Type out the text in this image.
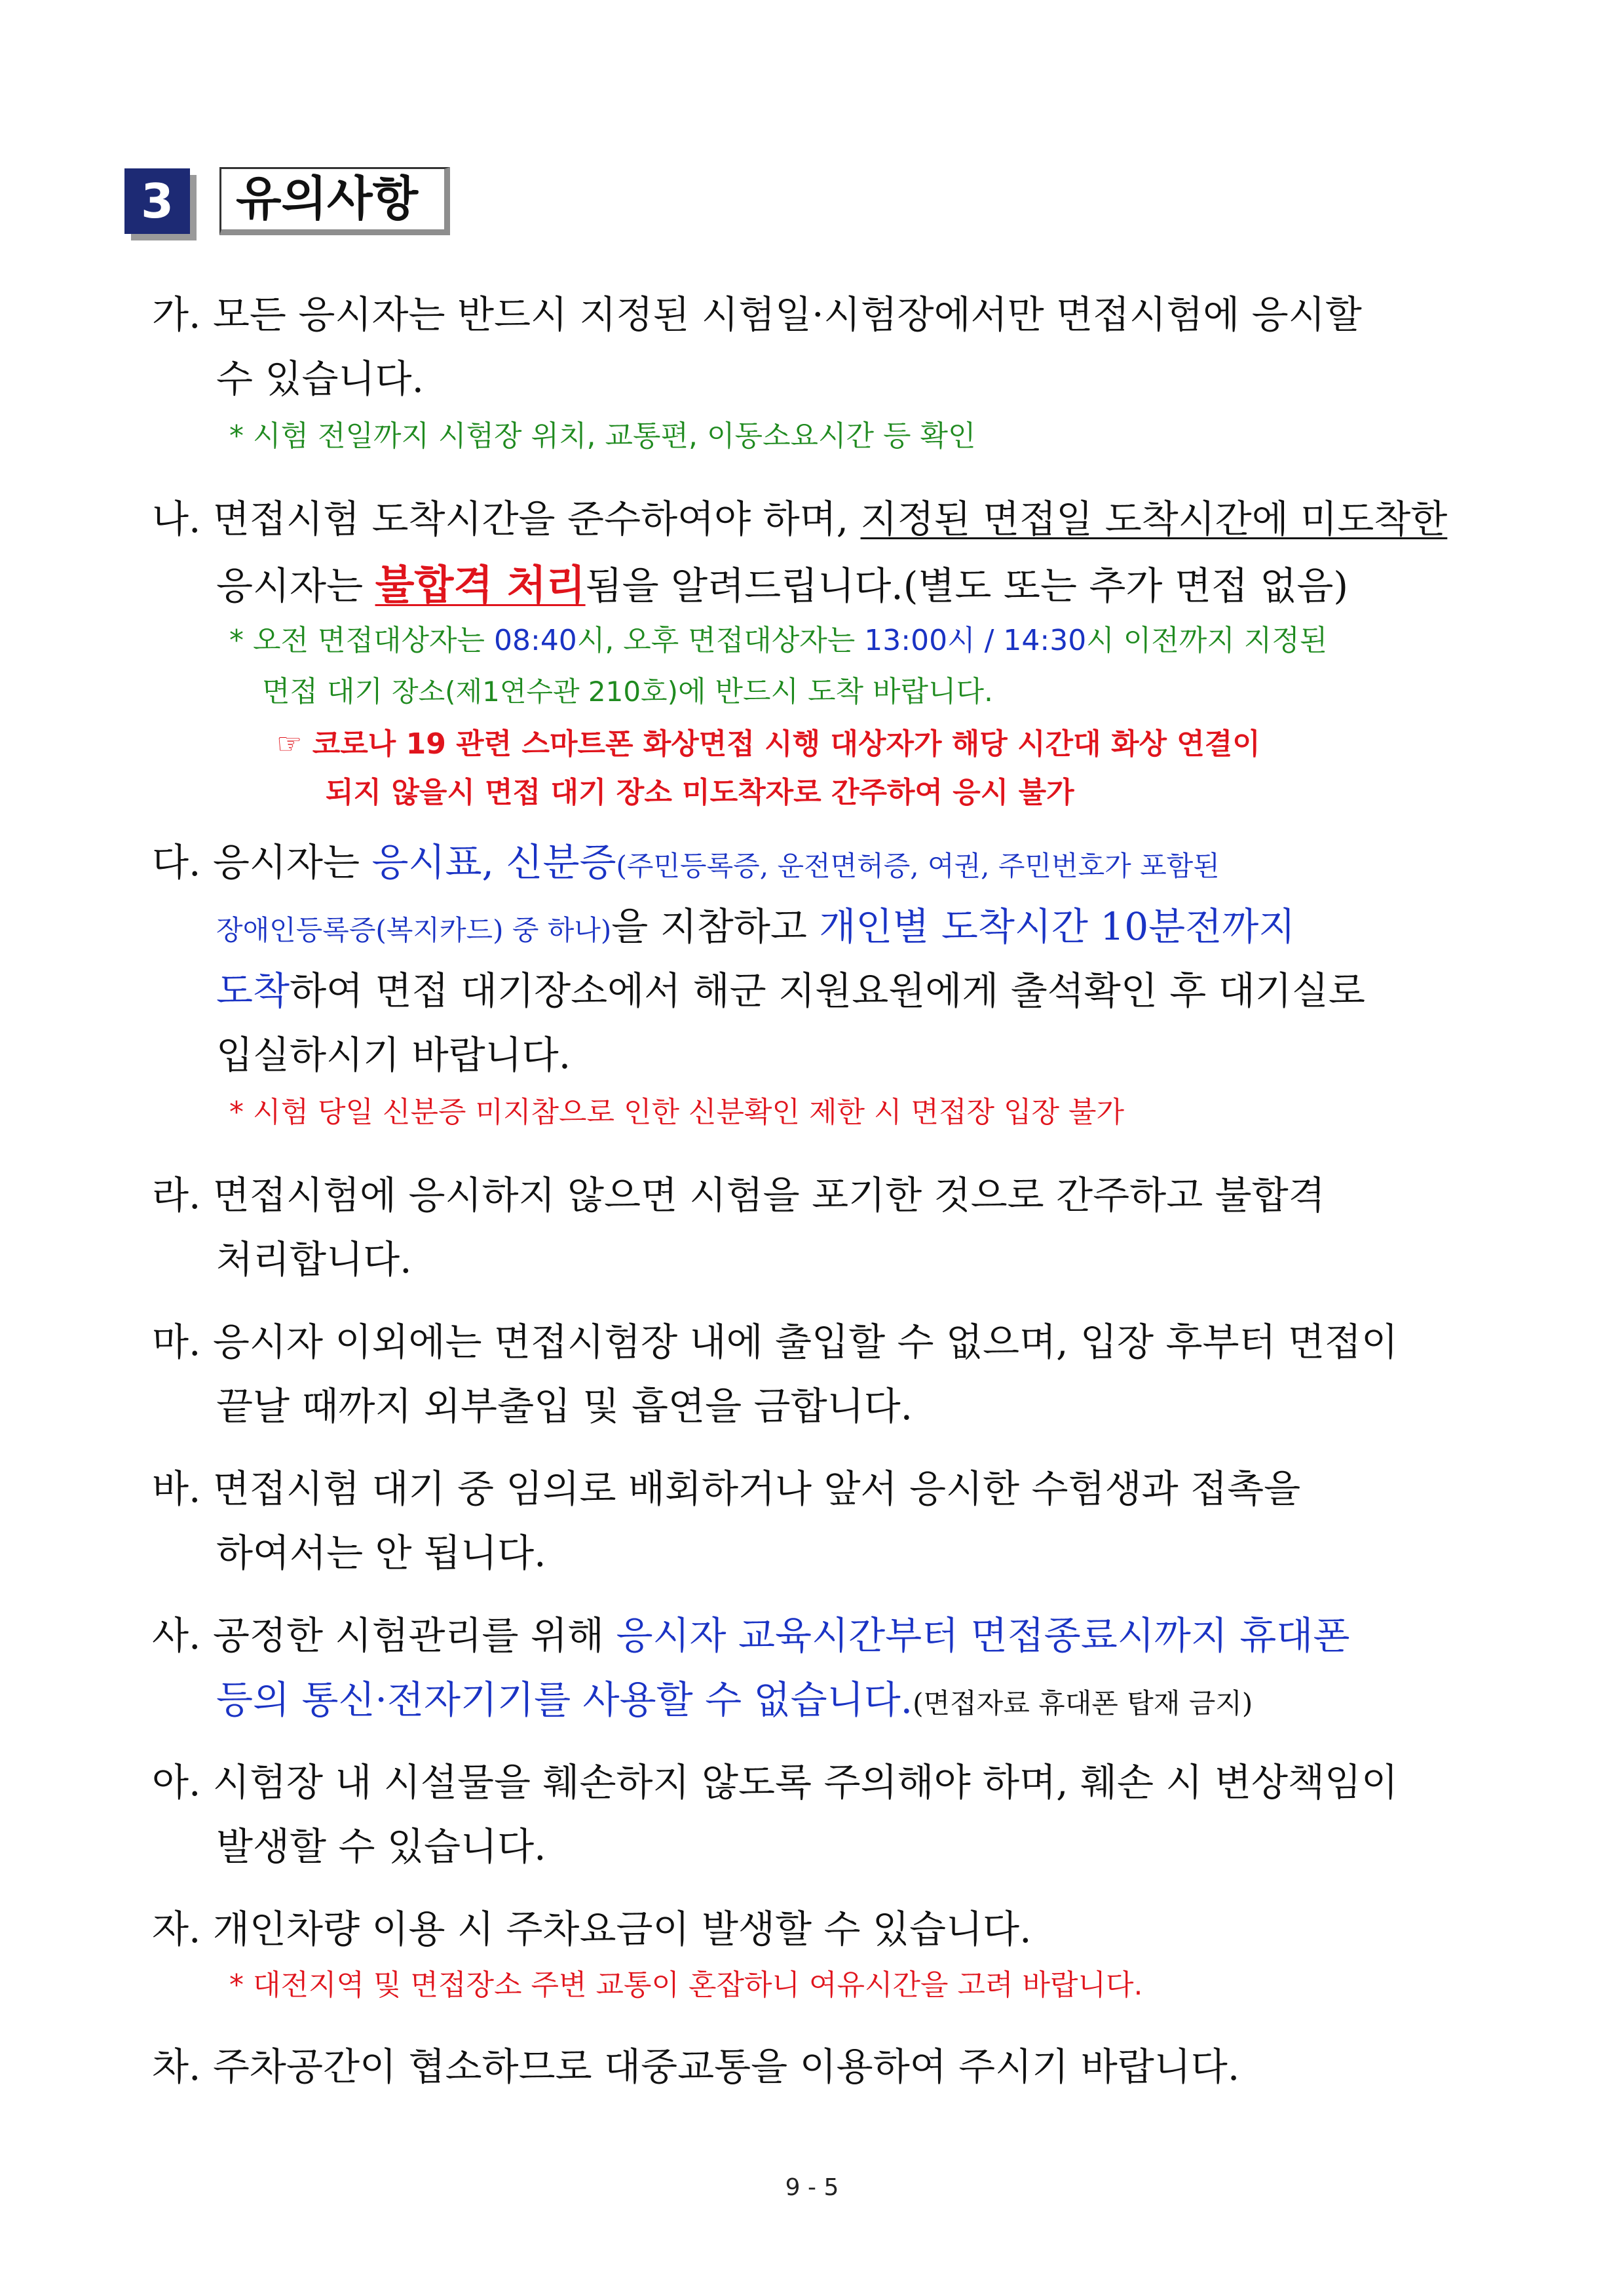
3	유의사항
가. 모든 응시자는 반드시 지정된 시험일·시험장에서만 면접시험에 응시할
수 있습니다.
* 시험 전일까지 시험장 위치, 교통편, 이동소요시간 등 확인
나. 면접시험 도착시간을 준수하여야 하며, 지정된 면접일 도착시간에 미도착한
응시자는 불합격 처리됨을 알려드립니다.(별도 또는 추가 면접 없음)
* 오전 면접대상자는 08:40시, 오후 면접대상자는 13:00시 / 14:30시 이전까지 지정된
면접 대기 장소(제1연수관 210호)에 반드시 도착 바랍니다.
☞ 코로나 19 관련 스마트폰 화상면접 시행 대상자가 해당 시간대 화상 연결이
되지 않을시 면접 대기 장소 미도착자로 간주하여 응시 불가
다. 응시자는 응시표, 신분증(주민등록증, 운전면허증, 여권, 주민번호가 포함된
장애인등록증(복지카드) 중 하나)을 지참하고 개인별 도착시간 10분전까지
도착하여 면접 대기장소에서 해군 지원요원에게 출석확인 후 대기실로
입실하시기 바랍니다.
* 시험 당일 신분증 미지참으로 인한 신분확인 제한 시 면접장 입장 불가
라. 면접시험에 응시하지 않으면 시험을 포기한 것으로 간주하고 불합격
처리합니다.
마. 응시자 이외에는 면접시험장 내에 출입할 수 없으며, 입장 후부터 면접이
끝날 때까지 외부출입 및 흡연을 금합니다.
바. 면접시험 대기 중 임의로 배회하거나 앞서 응시한 수험생과 접촉을
하여서는 안 됩니다.
사. 공정한 시험관리를 위해 응시자 교육시간부터 면접종료시까지 휴대폰
등의 통신·전자기기를 사용할 수 없습니다.(면접자료 휴대폰 탑재 금지)
아. 시험장 내 시설물을 훼손하지 않도록 주의해야 하며, 훼손 시 변상책임이
발생할 수 있습니다.
자. 개인차량 이용 시 주차요금이 발생할 수 있습니다.
* 대전지역 및 면접장소 주변 교통이 혼잡하니 여유시간을 고려 바랍니다.
차. 주차공간이 협소하므로 대중교통을 이용하여 주시기 바랍니다.
9 - 5
